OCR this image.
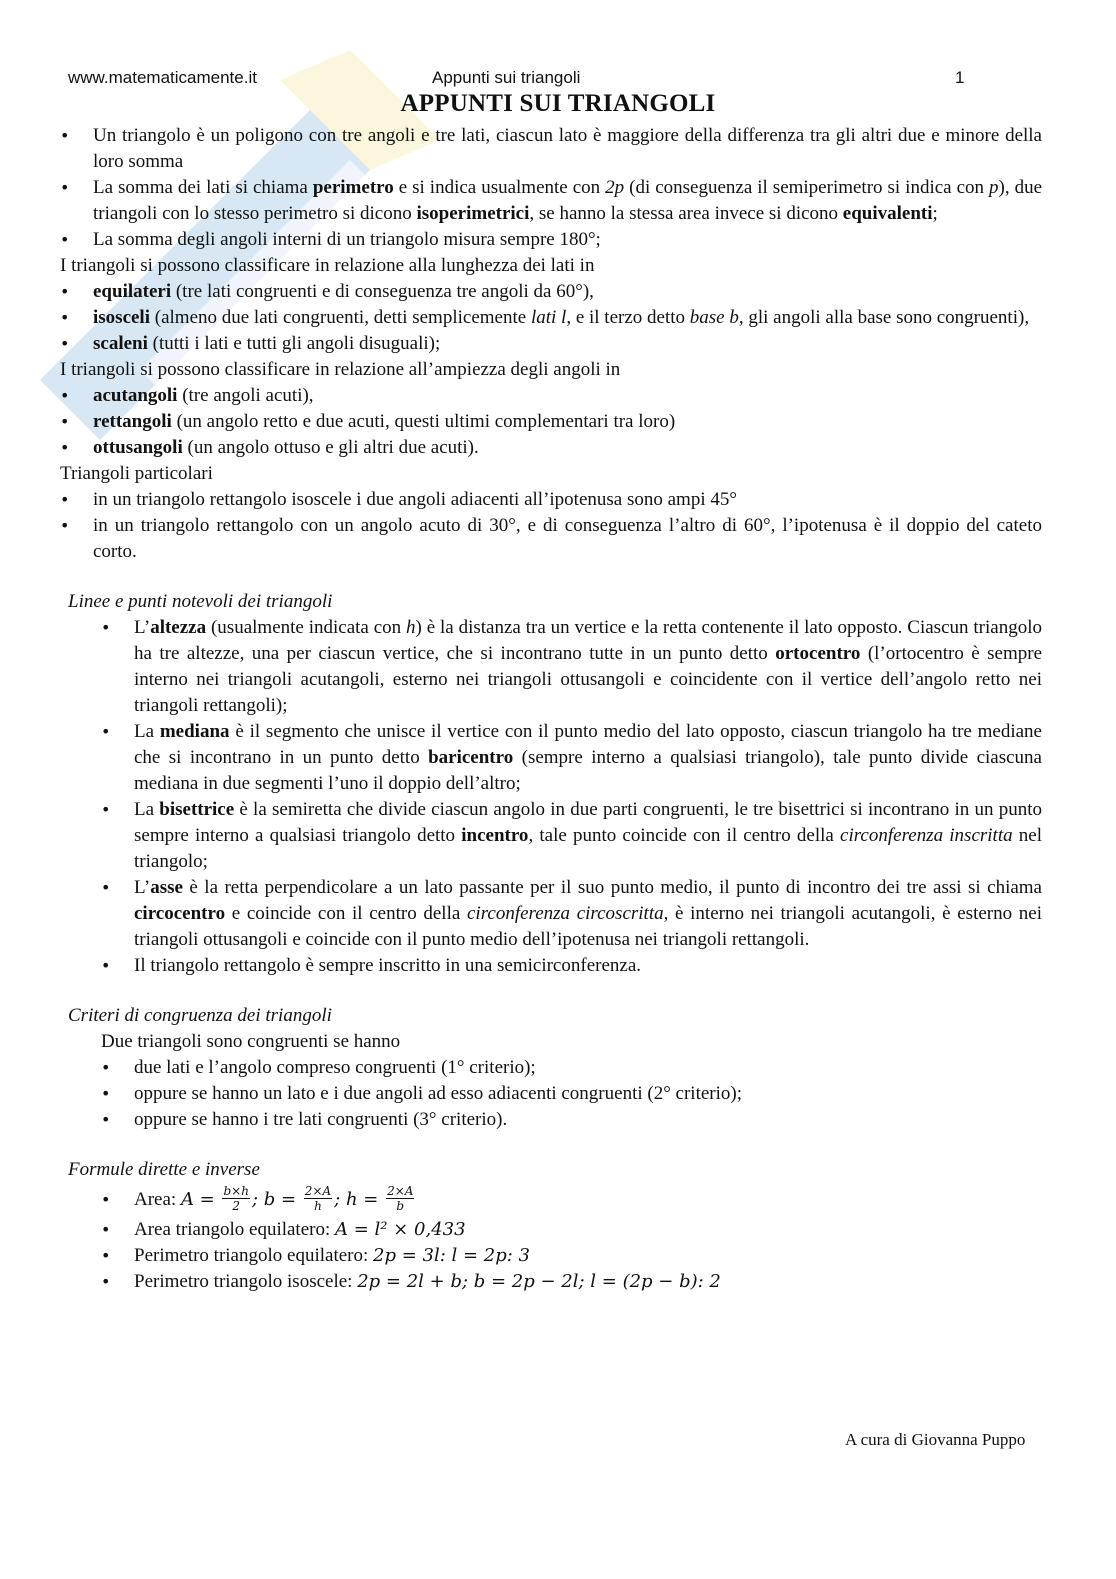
www.matematicamente.it	Appunti sui triangoli	1
APPUNTI SUI TRIANGOLI
• Un triangolo è un poligono con tre angoli e tre lati, ciascun lato è maggiore della differenza tra gli altri due e minore della loro somma
• La somma dei lati si chiama perimetro e si indica usualmente con 2p (di conseguenza il semiperimetro si indica con p), due triangoli con lo stesso perimetro si dicono isoperimetrici, se hanno la stessa area invece si dicono equivalenti;
• La somma degli angoli interni di un triangolo misura sempre 180°;

I triangoli si possono classificare in relazione alla lunghezza dei lati in

• equilateri (tre lati congruenti e di conseguenza tre angoli da 60°),
• isosceli (almeno due lati congruenti, detti semplicemente lati l, e il terzo detto base b, gli angoli alla base sono congruenti),
• scaleni (tutti i lati e tutti gli angoli disuguali);

I triangoli si possono classificare in relazione all’ampiezza degli angoli in

• acutangoli (tre angoli acuti),
• rettangoli (un angolo retto e due acuti, questi ultimi complementari tra loro)
• ottusangoli (un angolo ottuso e gli altri due acuti).

Triangoli particolari

• in un triangolo rettangolo isoscele i due angoli adiacenti all’ipotenusa sono ampi 45°
• in un triangolo rettangolo con un angolo acuto di 30°, e di conseguenza l’altro di 60°, l’ipotenusa è il doppio del cateto corto.

Linee e punti notevoli dei triangoli

• L’altezza (usualmente indicata con h) è la distanza tra un vertice e la retta contenente il lato opposto. Ciascun triangolo ha tre altezze, una per ciascun vertice, che si incontrano tutte in un punto detto ortocentro (l’ortocentro è sempre interno nei triangoli acutangoli, esterno nei triangoli ottusangoli e coincidente con il vertice dell’angolo retto nei triangoli rettangoli);
• La mediana è il segmento che unisce il vertice con il punto medio del lato opposto, ciascun triangolo ha tre mediane che si incontrano in un punto detto baricentro (sempre interno a qualsiasi triangolo), tale punto divide ciascuna mediana in due segmenti l’uno il doppio dell’altro;
• La bisettrice è la semiretta che divide ciascun angolo in due parti congruenti, le tre bisettrici si incontrano in un punto sempre interno a qualsiasi triangolo detto incentro, tale punto coincide con il centro della circonferenza inscritta nel triangolo;
• L’asse è la retta perpendicolare a un lato passante per il suo punto medio, il punto di incontro dei tre assi si chiama circocentro e coincide con il centro della circonferenza circoscritta, è interno nei triangoli acutangoli, è esterno nei triangoli ottusangoli e coincide con il punto medio dell’ipotenusa nei triangoli rettangoli.
• Il triangolo rettangolo è sempre inscritto in una semicirconferenza.

Criteri di congruenza dei triangoli

Due triangoli sono congruenti se hanno

• due lati e l’angolo compreso congruenti (1° criterio);
• oppure se hanno un lato e i due angoli ad esso adiacenti congruenti (2° criterio);
• oppure se hanno i tre lati congruenti (3° criterio).

Formule dirette e inverse

• Area: $A = \frac{b\times h}{2}$ ; $b = \frac{2\times A}{h}$ ; $h = \frac{2\times A}{b}$
• Area triangolo equilatero: A = l² × 0,433
• Perimetro triangolo equilatero: 2p = 3l: l = 2p: 3
• Perimetro triangolo isoscele: 2p = 2l + b; b = 2p − 2l; l = (2p − b): 2
A cura di Giovanna Puppo
